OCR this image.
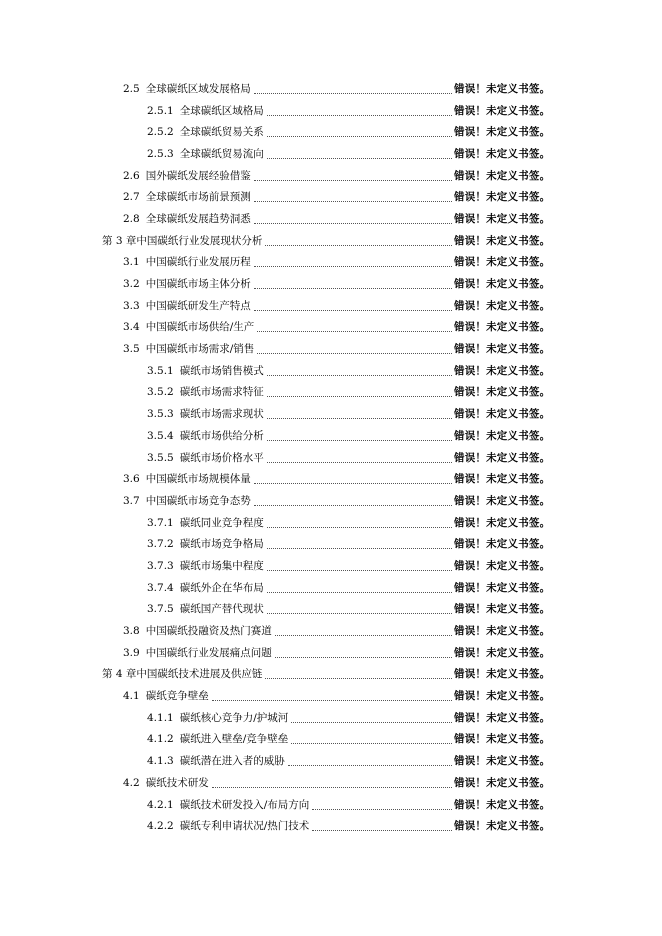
2.5 全球碳纸区域发展格局	错误！未定义书签。
2.5.1 全球碳纸区域格局	错误！未定义书签。
2.5.2 全球碳纸贸易关系	错误！未定义书签。
2.5.3 全球碳纸贸易流向	错误！未定义书签。
2.6 国外碳纸发展经验借鉴	错误！未定义书签。
2.7 全球碳纸市场前景预测	错误！未定义书签。
2.8 全球碳纸发展趋势洞悉	错误！未定义书签。
第 3 章中国碳纸行业发展现状分析	错误！未定义书签。
3.1 中国碳纸行业发展历程	错误！未定义书签。
3.2 中国碳纸市场主体分析	错误！未定义书签。
3.3 中国碳纸研发生产特点	错误！未定义书签。
3.4 中国碳纸市场供给/生产	错误！未定义书签。
3.5 中国碳纸市场需求/销售	错误！未定义书签。
3.5.1 碳纸市场销售模式	错误！未定义书签。
3.5.2 碳纸市场需求特征	错误！未定义书签。
3.5.3 碳纸市场需求现状	错误！未定义书签。
3.5.4 碳纸市场供给分析	错误！未定义书签。
3.5.5 碳纸市场价格水平	错误！未定义书签。
3.6 中国碳纸市场规模体量	错误！未定义书签。
3.7 中国碳纸市场竞争态势	错误！未定义书签。
3.7.1 碳纸同业竞争程度	错误！未定义书签。
3.7.2 碳纸市场竞争格局	错误！未定义书签。
3.7.3 碳纸市场集中程度	错误！未定义书签。
3.7.4 碳纸外企在华布局	错误！未定义书签。
3.7.5 碳纸国产替代现状	错误！未定义书签。
3.8 中国碳纸投融资及热门赛道	错误！未定义书签。
3.9 中国碳纸行业发展痛点问题	错误！未定义书签。
第 4 章中国碳纸技术进展及供应链	错误！未定义书签。
4.1 碳纸竞争壁垒	错误！未定义书签。
4.1.1 碳纸核心竞争力/护城河	错误！未定义书签。
4.1.2 碳纸进入壁垒/竞争壁垒	错误！未定义书签。
4.1.3 碳纸潜在进入者的威胁	错误！未定义书签。
4.2 碳纸技术研发	错误！未定义书签。
4.2.1 碳纸技术研发投入/布局方向	错误！未定义书签。
4.2.2 碳纸专利申请状况/热门技术	错误！未定义书签。
